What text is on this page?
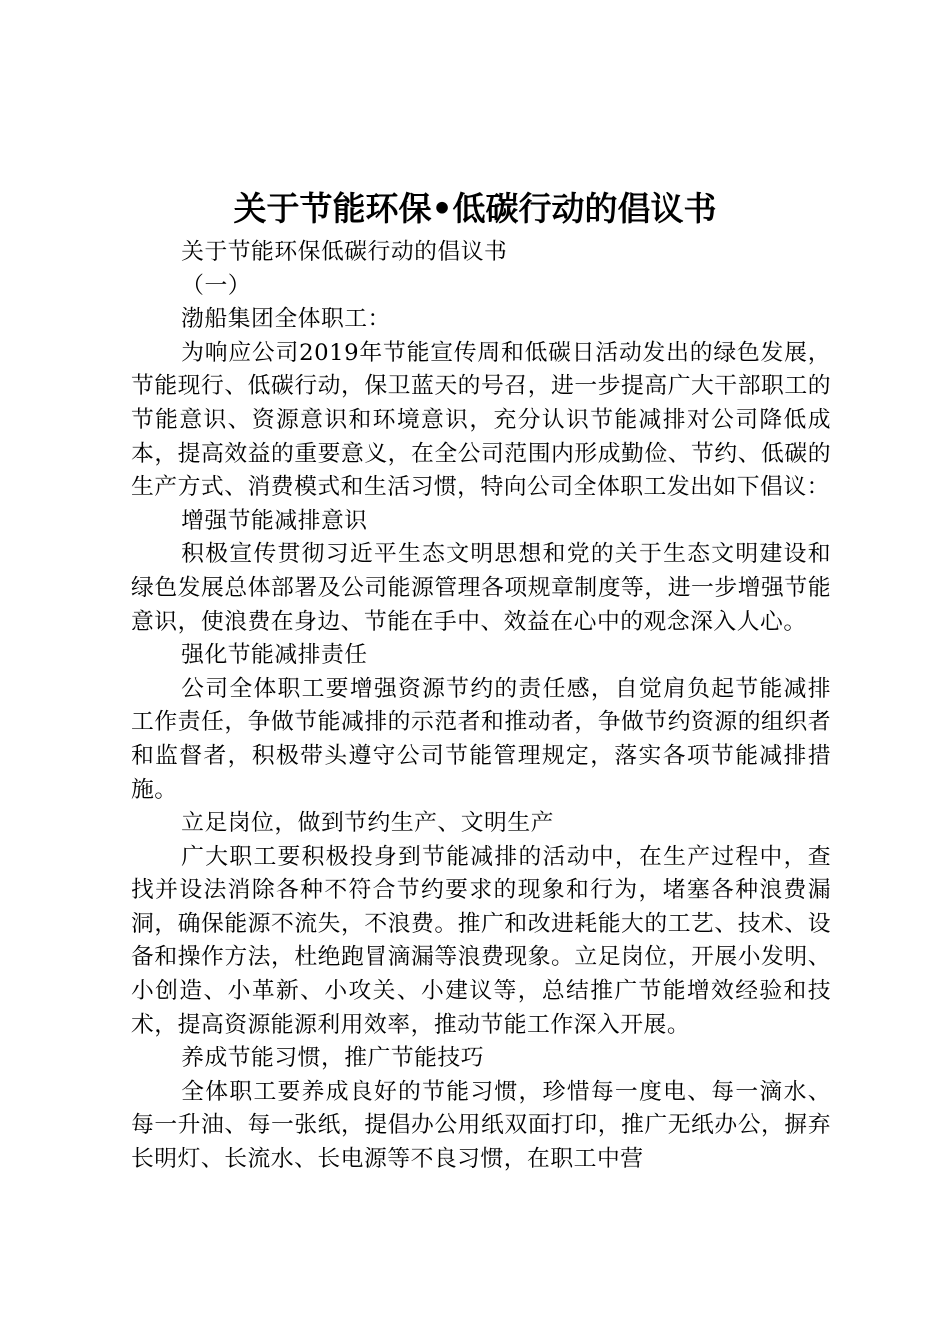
关于节能环保•低碳行动的倡议书

关于节能环保低碳行动的倡议书

（一）

渤船集团全体职工：

为响应公司2019年节能宣传周和低碳日活动发出的绿色发展，节能现行、低碳行动，保卫蓝天的号召，进一步提高广大干部职工的节能意识、资源意识和环境意识，充分认识节能减排对公司降低成本，提高效益的重要意义，在全公司范围内形成勤俭、节约、低碳的生产方式、消费模式和生活习惯，特向公司全体职工发出如下倡议：

增强节能减排意识

积极宣传贯彻习近平生态文明思想和党的关于生态文明建设和绿色发展总体部署及公司能源管理各项规章制度等，进一步增强节能意识，使浪费在身边、节能在手中、效益在心中的观念深入人心。

强化节能减排责任

公司全体职工要增强资源节约的责任感，自觉肩负起节能减排工作责任，争做节能减排的示范者和推动者，争做节约资源的组织者和监督者，积极带头遵守公司节能管理规定，落实各项节能减排措施。

立足岗位，做到节约生产、文明生产

广大职工要积极投身到节能减排的活动中，在生产过程中，查找并设法消除各种不符合节约要求的现象和行为，堵塞各种浪费漏洞，确保能源不流失，不浪费。推广和改进耗能大的工艺、技术、设备和操作方法，杜绝跑冒滴漏等浪费现象。立足岗位，开展小发明、小创造、小革新、小攻关、小建议等，总结推广节能增效经验和技术，提高资源能源利用效率，推动节能工作深入开展。

养成节能习惯，推广节能技巧

全体职工要养成良好的节能习惯，珍惜每一度电、每一滴水、每一升油、每一张纸，提倡办公用纸双面打印，推广无纸办公，摒弃长明灯、长流水、长电源等不良习惯，在职工中营
